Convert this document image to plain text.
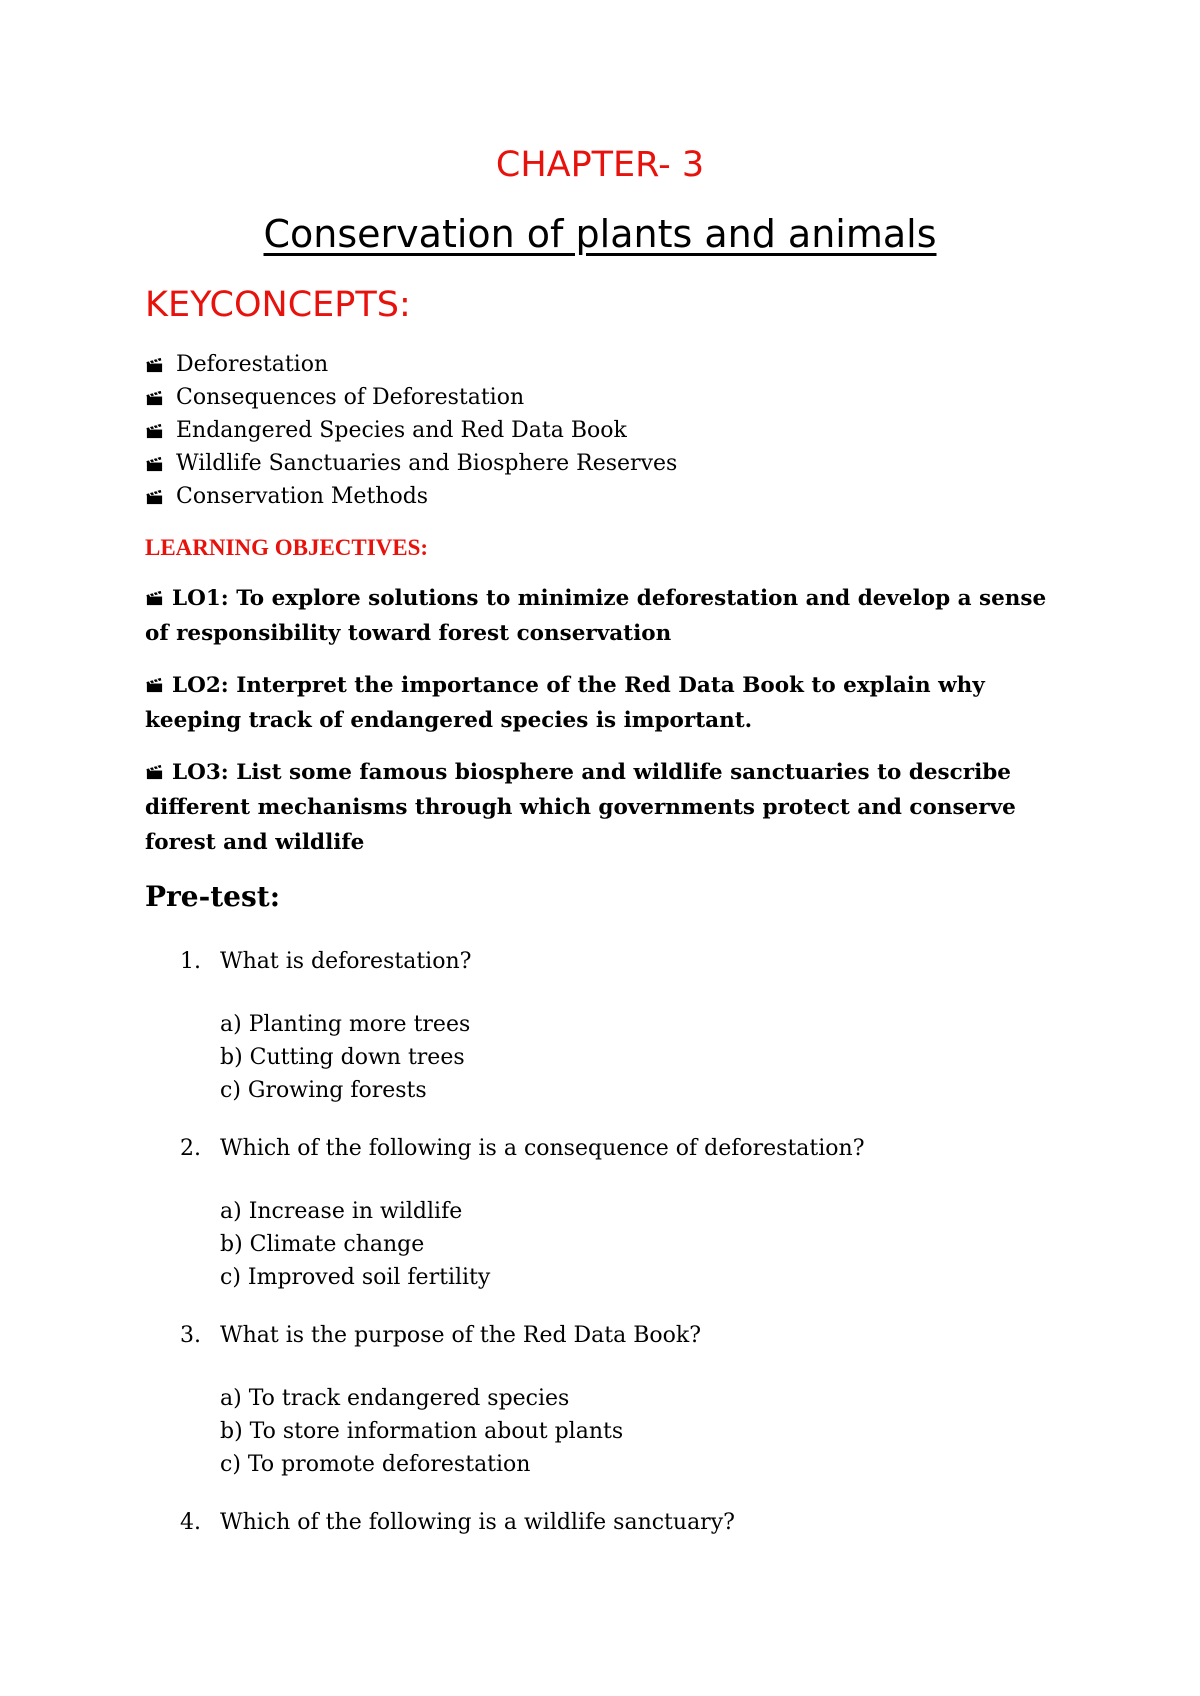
CHAPTER- 3
Conservation of plants and animals
KEYCONCEPTS:
Deforestation
Consequences of Deforestation
Endangered Species and Red Data Book
Wildlife Sanctuaries and Biosphere Reserves
Conservation Methods
LEARNING OBJECTIVES:
LO1: To explore solutions to minimize deforestation and develop a sense of responsibility toward forest conservation
LO2: Interpret the importance of the Red Data Book to explain why keeping track of endangered species is important.
LO3: List some famous biosphere and wildlife sanctuaries to describe different mechanisms through which governments protect and conserve forest and wildlife
Pre-test:
1. What is deforestation?
a) Planting more trees
b) Cutting down trees
c) Growing forests
2. Which of the following is a consequence of deforestation?
a) Increase in wildlife
b) Climate change
c) Improved soil fertility
3. What is the purpose of the Red Data Book?
a) To track endangered species
b) To store information about plants
c) To promote deforestation
4. Which of the following is a wildlife sanctuary?
